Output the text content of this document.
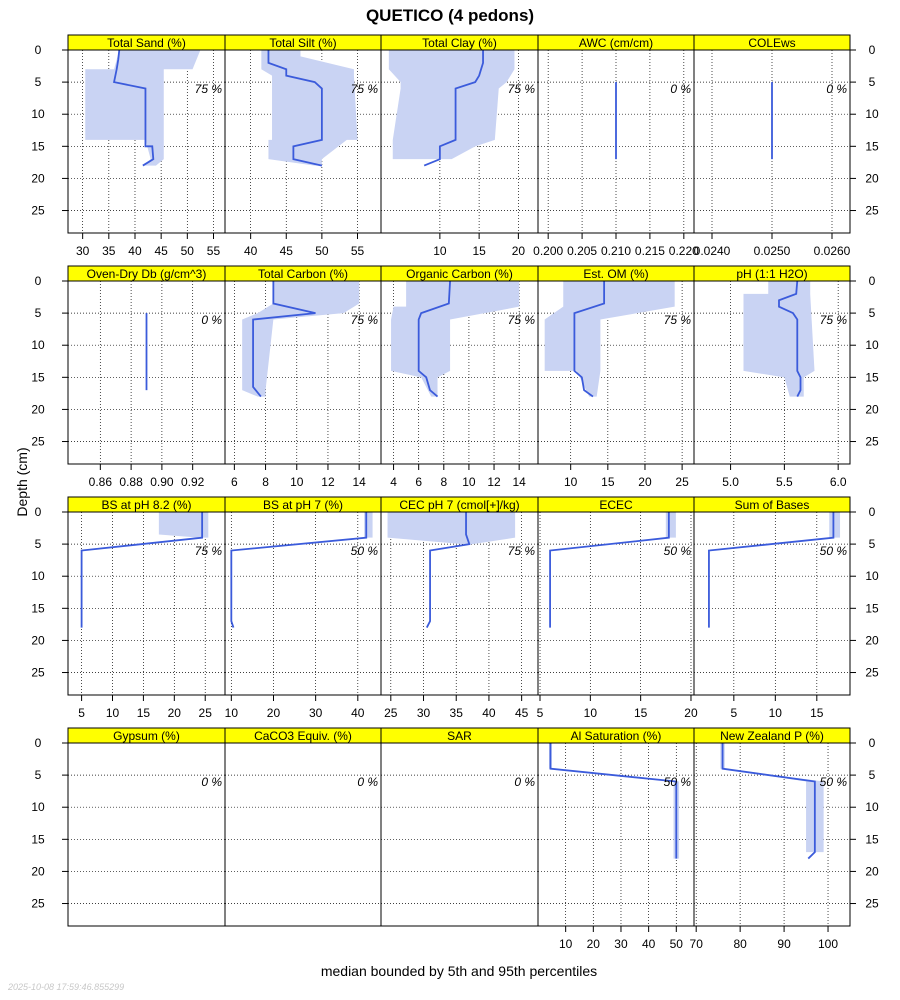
QUETICO (4 pedons)
Depth (cm)
median bounded by 5th and 95th percentiles
2025-10-08 17:59:46.855299
Total Sand (%)
75 %
30 35 40 45 50 55
0
5
10
15
20
25
Total Silt (%)
75 %
40 45 50 55
Total Clay (%)
75 %
10 15 20
AWC (cm/cm)
0 %
0.200 0.205 0.210 0.215 0.220
COLEws
0 %
0.0240 0.0250 0.0260
0
5
10
15
20
25
Oven-Dry Db (g/cm^3)
0 %
0.86 0.88 0.90 0.92
0
5
10
15
20
25
Total Carbon (%)
75 %
6 8 10 12 14
Organic Carbon (%)
75 %
4 6 8 10 12 14
Est. OM (%)
75 %
10 15 20 25
pH (1:1 H2O)
75 %
5.0	5.5	6.0
0
5
10
15
20
25
BS at pH 8.2 (%)
75 %
5 10 15 20 25
0
5
10
15
20
25
BS at pH 7 (%)
50 %
10 20 30 40
CEC pH 7 (cmol[+]/kg)
75 %
25 30 35 40 45
ECEC
50 %
5	10	15	20
Sum of Bases
50 %
5	10 15
0
5
10
15
20
25
Gypsum (%)
0 %
0
5
10
15
20
25
CaCO3 Equiv. (%)
0 %
SAR
0 %
Al Saturation (%)
50 %
10 20 30 40 50
New Zealand P (%)
50 %
70	80	90 100
0
5
10
15
20
25
